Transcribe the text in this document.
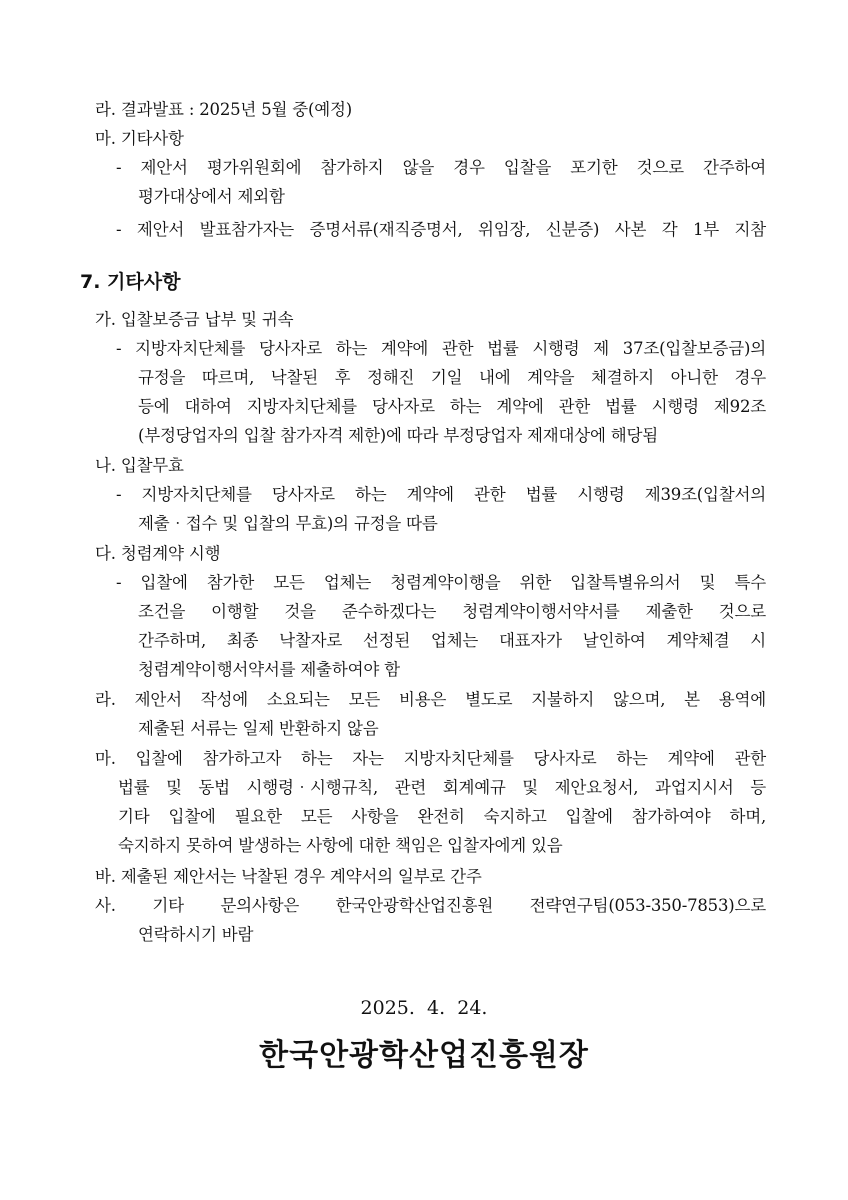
라. 결과발표 : 2025년 5월 중(예정)
마. 기타사항
- 제안서 평가위원회에 참가하지 않을 경우 입찰을 포기한 것으로 간주하여
평가대상에서 제외함
- 제안서 발표참가자는 증명서류(재직증명서, 위임장, 신분증) 사본 각 1부 지참
7. 기타사항
가. 입찰보증금 납부 및 귀속
- 지방자치단체를 당사자로 하는 계약에 관한 법률 시행령 제 37조(입찰보증금)의
규정을 따르며, 낙찰된 후 정해진 기일 내에 계약을 체결하지 아니한 경우
등에 대하여 지방자치단체를 당사자로 하는 계약에 관한 법률 시행령 제92조
(부정당업자의 입찰 참가자격 제한)에 따라 부정당업자 제재대상에 해당됨
나. 입찰무효
- 지방자치단체를 당사자로 하는 계약에 관한 법률 시행령 제39조(입찰서의
제출‧접수 및 입찰의 무효)의 규정을 따름
다. 청렴계약 시행
- 입찰에 참가한 모든 업체는 청렴계약이행을 위한 입찰특별유의서 및 특수
조건을 이행할 것을 준수하겠다는 청렴계약이행서약서를 제출한 것으로
간주하며, 최종 낙찰자로 선정된 업체는 대표자가 날인하여 계약체결 시
청렴계약이행서약서를 제출하여야 함
라. 제안서 작성에 소요되는 모든 비용은 별도로 지불하지 않으며, 본 용역에
제출된 서류는 일제 반환하지 않음
마. 입찰에 참가하고자 하는 자는 지방자치단체를 당사자로 하는 계약에 관한
법률 및 동법 시행령‧시행규칙, 관련 회계예규 및 제안요청서, 과업지시서 등
기타 입찰에 필요한 모든 사항을 완전히 숙지하고 입찰에 참가하여야 하며,
숙지하지 못하여 발생하는 사항에 대한 책임은 입찰자에게 있음
바. 제출된 제안서는 낙찰된 경우 계약서의 일부로 간주
사. 기타 문의사항은 한국안광학산업진흥원 전략연구팀(053-350-7853)으로
연락하시기 바람
2025.  4.  24.
한국안광학산업진흥원장
